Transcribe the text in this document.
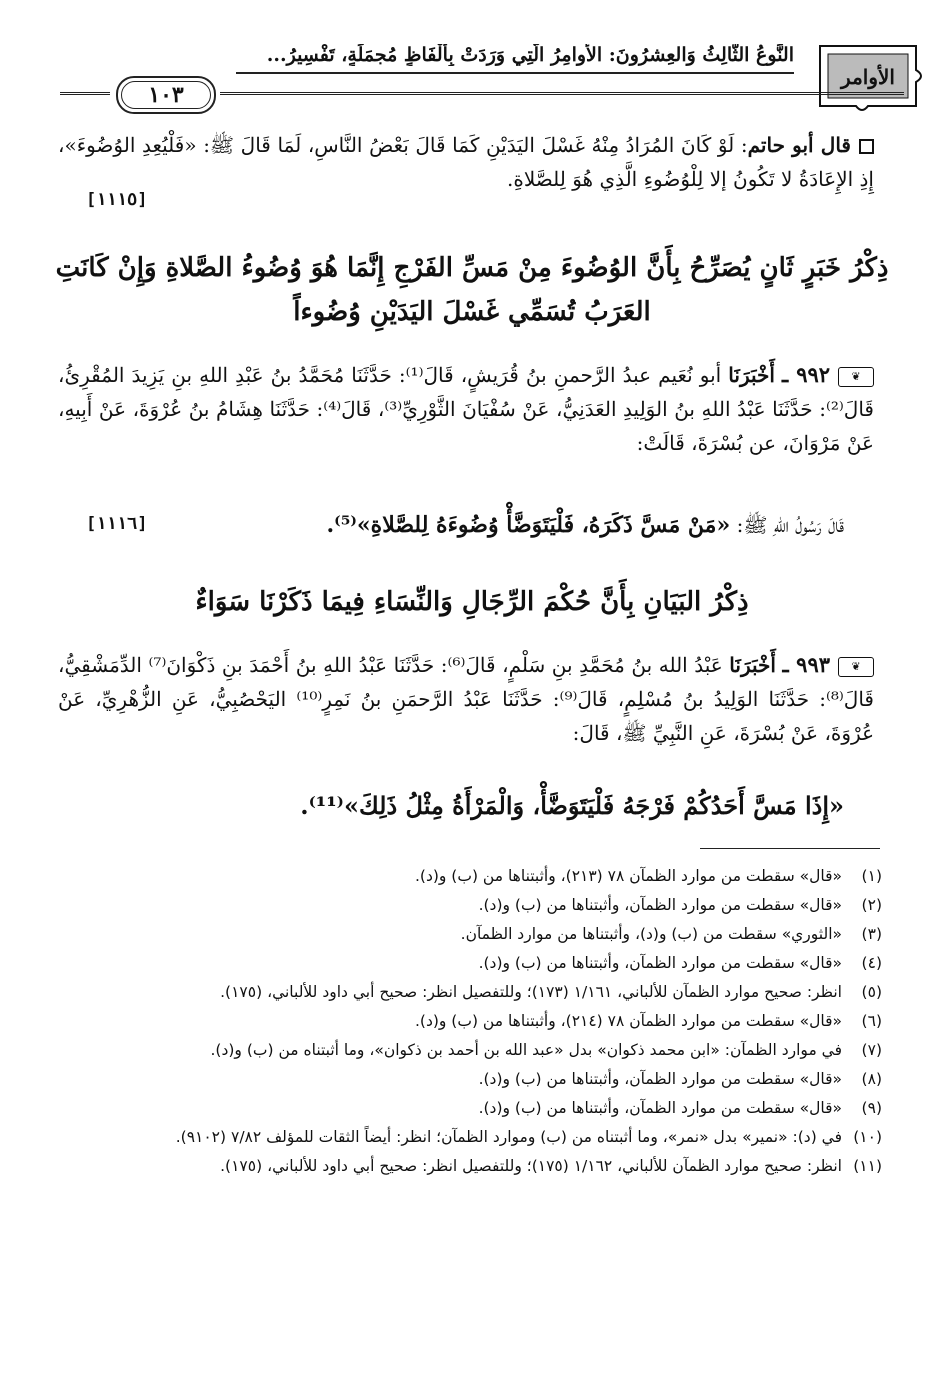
الأوامر
النَّوعُ الثَّالِثُ وَالعِشرُونَ: الأَوامِرُ الَّتِي وَرَدَتْ بِأَلْفَاظٍ مُجمَلَةٍ، تَفْسِيرُ...
١٠٣
قال أبو حاتم: لَوْ كَانَ المُرَادُ مِنْهُ غَسْلَ اليَدَيْنِ كَمَا قَالَ بَعْضُ النَّاسِ، لَمَا قَالَ ﷺ: «فَلْيُعِدِ الوُضُوءَ»، إِذِ الإِعَادَةُ لا تَكُونُ إلا لِلْوُضُوءِ الَّذِي هُوَ لِلصَّلاةِ.
[١١١٥]
ذِكْرُ خَبَرٍ ثَانٍ يُصَرِّحُ بِأَنَّ الوُضُوءَ مِنْ مَسِّ الفَرْجِ إِنَّمَا هُوَ وُضُوءُ الصَّلاةِ وَإِنْ كَانَتِ العَرَبُ تُسَمِّي غَسْلَ اليَدَيْنِ وُضُوءاً
❦٩٩٢ ـ أَخْبَرَنَا أبو نُعَيم عبدُ الرَّحمنِ بنُ قُرَيشٍ، قَالَ⁽¹⁾: حَدَّثَنَا مُحَمَّدُ بنُ عَبْدِ اللهِ بنِ يَزِيدَ المُقْرِئُ، قَالَ⁽²⁾: حَدَّثَنَا عَبْدُ اللهِ بنُ الوَلِيدِ العَدَنِيُّ، عَنْ سُفْيَانَ الثَّوْرِيِّ⁽³⁾، قَالَ⁽⁴⁾: حَدَّثَنَا هِشَامُ بنُ عُرْوَةَ، عَنْ أَبِيهِ، عَنْ مَرْوَانَ، عن بُسْرَةَ، قَالَتْ:
قَالَ رَسُولُ اللهِ ﷺ: «مَنْ مَسَّ ذَكَرَهُ، فَلْيَتَوَضَّأْ وُضُوءَهُ لِلصَّلاةِ»⁽⁵⁾.
[١١١٦]
ذِكْرُ البَيَانِ بِأَنَّ حُكْمَ الرِّجَالِ وَالنِّسَاءِ فِيمَا ذَكَرْنَا سَوَاءٌ
❦٩٩٣ ـ أَخْبَرَنَا عَبْدُ الله بنُ مُحَمَّدِ بنِ سَلْمٍ، قَالَ⁽⁶⁾: حَدَّثَنَا عَبْدُ اللهِ بنُ أَحْمَدَ بنِ ذَكْوَانَ⁽⁷⁾ الدِّمَشْقِيُّ، قَالَ⁽⁸⁾: حَدَّثَنَا الوَلِيدُ بنُ مُسْلِمٍ، قَالَ⁽⁹⁾: حَدَّثَنَا عَبْدُ الرَّحمَنِ بنُ نَمِرٍ⁽¹⁰⁾ اليَحْصُبِيُّ، عَنِ الزُّهْرِيِّ، عَنْ عُرْوَةَ، عَنْ بُسْرَةَ، عَنِ النَّبِيِّ ﷺ، قَالَ:
«إِذَا مَسَّ أَحَدُكُمْ فَرْجَهُ فَلْيَتَوَضَّأْ، وَالْمَرْأَةُ مِثْلُ ذَلِكَ»⁽¹¹⁾.
(١)
«قال» سقطت من موارد الظمآن ٧٨ (٢١٣)، وأثبتناها من (ب) و(د).
(٢)
«قال» سقطت من موارد الظمآن، وأثبتناها من (ب) و(د).
(٣)
«الثوري» سقطت من (ب) و(د)، وأثبتناها من موارد الظمآن.
(٤)
«قال» سقطت من موارد الظمآن، وأثبتناها من (ب) و(د).
(٥)
انظر: صحيح موارد الظمآن للألباني، ١/١٦١ (١٧٣)؛ وللتفصيل انظر: صحيح أبي داود للألباني، (١٧٥).
(٦)
«قال» سقطت من موارد الظمآن ٧٨ (٢١٤)، وأثبتناها من (ب) و(د).
(٧)
في موارد الظمآن: «ابن محمد ذكوان» بدل «عبد الله بن أحمد بن ذكوان»، وما أثبتناه من (ب) و(د).
(٨)
«قال» سقطت من موارد الظمآن، وأثبتناها من (ب) و(د).
(٩)
«قال» سقطت من موارد الظمآن، وأثبتناها من (ب) و(د).
(١٠)
في (د): «نمير» بدل «نمر»، وما أثبتناه من (ب) وموارد الظمآن؛ انظر: أيضاً الثقات للمؤلف ٧/٨٢ (٩١٠٢).
(١١)
انظر: صحيح موارد الظمآن للألباني، ١/١٦٢ (١٧٥)؛ وللتفصيل انظر: صحيح أبي داود للألباني، (١٧٥).
